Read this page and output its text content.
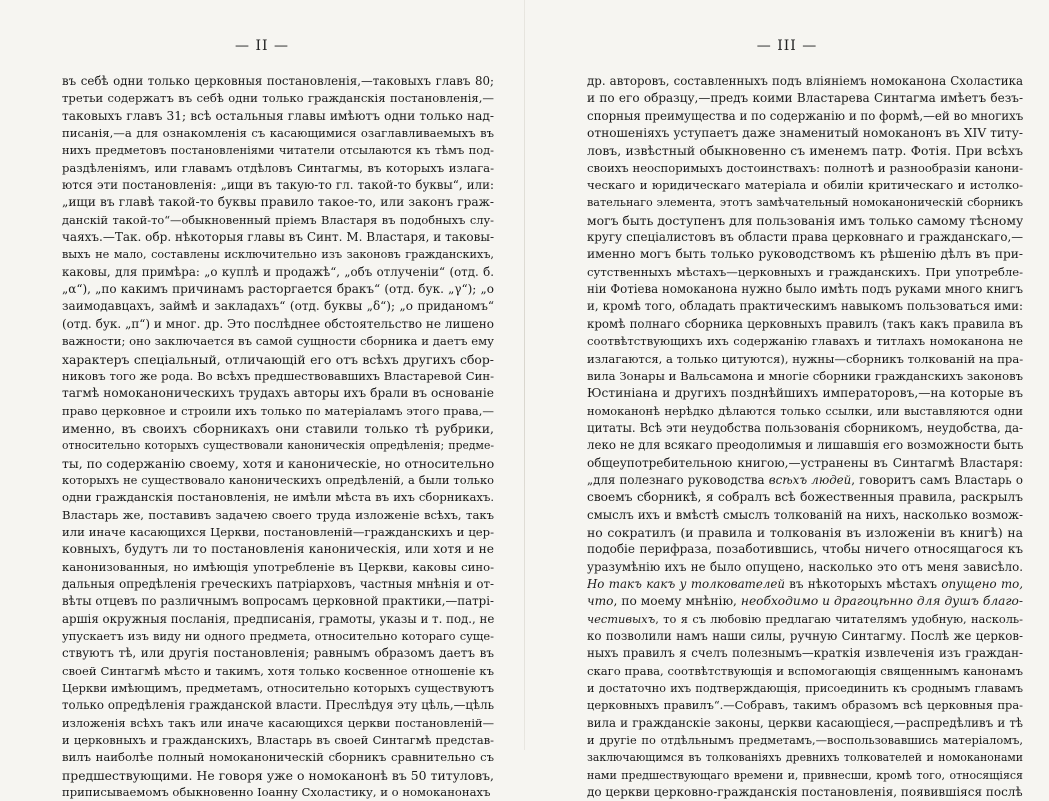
— II —
въ себѣ одни только церковныя постановленія,—таковыхъ главъ 80;
третьи содержатъ въ себѣ одни только гражданскія постановленія,—
таковыхъ главъ 31; всѣ остальныя главы имѣютъ одни только над-
писанія,—а для ознакомленія съ касающимися озаглавливаемыхъ въ
нихъ предметовъ постановленіями читатели отсылаются къ тѣмъ под-
раздѣленіямъ, или главамъ отдѣловъ Синтагмы, въ которыхъ излага-
ются эти постановленія: „ищи въ такую-то гл. такой-то буквы“, или:
„ищи въ главѣ такой-то буквы правило такое-то, или законъ граж-
данскій такой-то“—обыкновенный пріемъ Властаря въ подобныхъ слу-
чаяхъ.—Так. обр. нѣкоторыя главы въ Синт. М. Властаря, и таковы-
выхъ не мало, составлены исключительно изъ законовъ гражданскихъ,
каковы, для примѣра: „о куплѣ и продажѣ“, „объ отлученіи“ (отд. б.
„α“), „по какимъ причинамъ расторгается бракъ“ (отд. бук. „γ“); „о
заимодавцахъ, займѣ и закладахъ“ (отд. буквы „δ“); „о приданомъ“
(отд. бук. „π“) и мног. др. Это послѣднее обстоятельство не лишено
важности; оно заключается въ самой сущности сборника и даетъ ему
характеръ спеціальный, отличающій его отъ всѣхъ другихъ сбор-
никовъ того же рода. Во всѣхъ предшествовавшихъ Властаревой Син-
тагмѣ номоканоническихъ трудахъ авторы ихъ брали въ основаніе
право церковное и строили ихъ только по матеріаламъ этого права,—
именно, въ своихъ сборникахъ они ставили только тѣ рубрики,
относительно которыхъ существовали каноническія опредѣленія; предме-
ты, по содержанію своему, хотя и каноническіе, но относительно
которыхъ не существовало каноническихъ опредѣленій, а были только
одни гражданскія постановленія, не имѣли мѣста въ ихъ сборникахъ.
Властарь же, поставивъ задачею своего труда изложеніе всѣхъ, такъ
или иначе касающихся Церкви, постановленій—гражданскихъ и цер-
ковныхъ, будутъ ли то постановленія каноническія, или хотя и не
канонизованныя, но имѣющія употребленіе въ Церкви, каковы сино-
дальныя опредѣленія греческихъ патріарховъ, частныя мнѣнія и от-
вѣты отцевъ по различнымъ вопросамъ церковной практики,—патрі-
аршія окружныя посланія, предписанія, грамоты, указы и т. под., не
упускаетъ изъ виду ни одного предмета, относительно котораго суще-
ствуютъ тѣ, или другія постановленія; равнымъ образомъ даетъ въ
своей Синтагмѣ мѣсто и такимъ, хотя только косвенное отношеніе къ
Церкви имѣющимъ, предметамъ, относительно которыхъ существуютъ
только опредѣленія гражданской власти. Преслѣдуя эту цѣль,—цѣль
изложенія всѣхъ такъ или иначе касающихся церкви постановленій—
и церковныхъ и гражданскихъ, Властарь въ своей Синтагмѣ представ-
вилъ наиболѣе полный номоканоническій сборникъ сравнительно съ
предшествующими. Не говоря уже о номоканонѣ въ 50 титуловъ,
приписываемомъ обыкновенно Іоанну Схоластику, и о номоканонахъ
— III —
др. авторовъ, составленныхъ подъ вліяніемъ номоканона Схоластика
и по его образцу,—предъ коими Властарева Синтагма имѣетъ безъ-
спорныя преимущества и по содержанію и по формѣ,—ей во многихъ
отношеніяхъ уступаетъ даже знаменитый номоканонъ въ XIV титу-
ловъ, извѣстный обыкновенно съ именемъ патр. Фотія. При всѣхъ
своихъ неоспоримыхъ достоинствахъ: полнотѣ и разнообразіи канони-
ческаго и юридическаго матеріала и обиліи критическаго и истолко-
вательнаго элемента, этотъ замѣчательный номоканоническій сборникъ
могъ быть доступенъ для пользованія имъ только самому тѣсному
кругу спеціалистовъ въ области права церковнаго и гражданскаго,—
именно могъ быть только руководствомъ къ рѣшенію дѣлъ въ при-
сутственныхъ мѣстахъ—церковныхъ и гражданскихъ. При употребле-
ніи Фотіева номоканона нужно было имѣть подъ руками много книгъ
и, кромѣ того, обладать практическимъ навыкомъ пользоваться ими:
кромѣ полнаго сборника церковныхъ правилъ (такъ какъ правила въ
соотвѣтствующихъ ихъ содержанію главахъ и титлахъ номоканона не
излагаются, а только цитуются), нужны—сборникъ толкованій на пра-
вила Зонары и Вальсамона и многіе сборники гражданскихъ законовъ
Юстиніана и другихъ позднѣйшихъ императоровъ,—на которые въ
номоканонѣ нерѣдко дѣлаются только ссылки, или выставляются одни
цитаты. Всѣ эти неудобства пользованія сборникомъ, неудобства, да-
леко не для всякаго преодолимыя и лишавшія его возможности быть
общеупотребительною книгою,—устранены въ Синтагмѣ Властаря:
„для полезнаго руководства всѣхъ людей, говоритъ самъ Властарь о
своемъ сборникѣ, я собралъ всѣ божественныя правила, раскрылъ
смыслъ ихъ и вмѣстѣ смыслъ толкованій на нихъ, насколько возмож-
но сократилъ (и правила и толкованія въ изложеніи въ книгѣ) на
подобіе перифраза, позаботившись, чтобы ничего относящагося къ
уразумѣнію ихъ не было опущено, насколько это отъ меня зависѣло.
Но такъ какъ у толкователей въ нѣкоторыхъ мѣстахъ опущено то,
что, по моему мнѣнію, необходимо и драгоцѣнно для душъ благо-
честивыхъ, то я съ любовію предлагаю читателямъ удобную, насколь-
ко позволили намъ наши силы, ручную Синтагму. Послѣ же церков-
ныхъ правилъ я счелъ полезнымъ—краткія извлеченія изъ граждан-
скаго права, соотвѣтствующія и вспомогающія священнымъ канонамъ
и достаточно ихъ подтверждающія, присоединить къ сроднымъ главамъ
церковныхъ правилъ“.—Собравъ, такимъ образомъ всѣ церковныя пра-
вила и гражданскіе законы, церкви касающіеся,—распредѣливъ и тѣ
и другіе по отдѣльнымъ предметамъ,—воспользовавшись матеріаломъ,
заключающимся въ толкованіяхъ древнихъ толкователей и номоканонами
нами предшествующаго времени и, привнесши, кромѣ того, относящіяся
до церкви церковно-гражданскія постановленія, появившіяся послѣ
